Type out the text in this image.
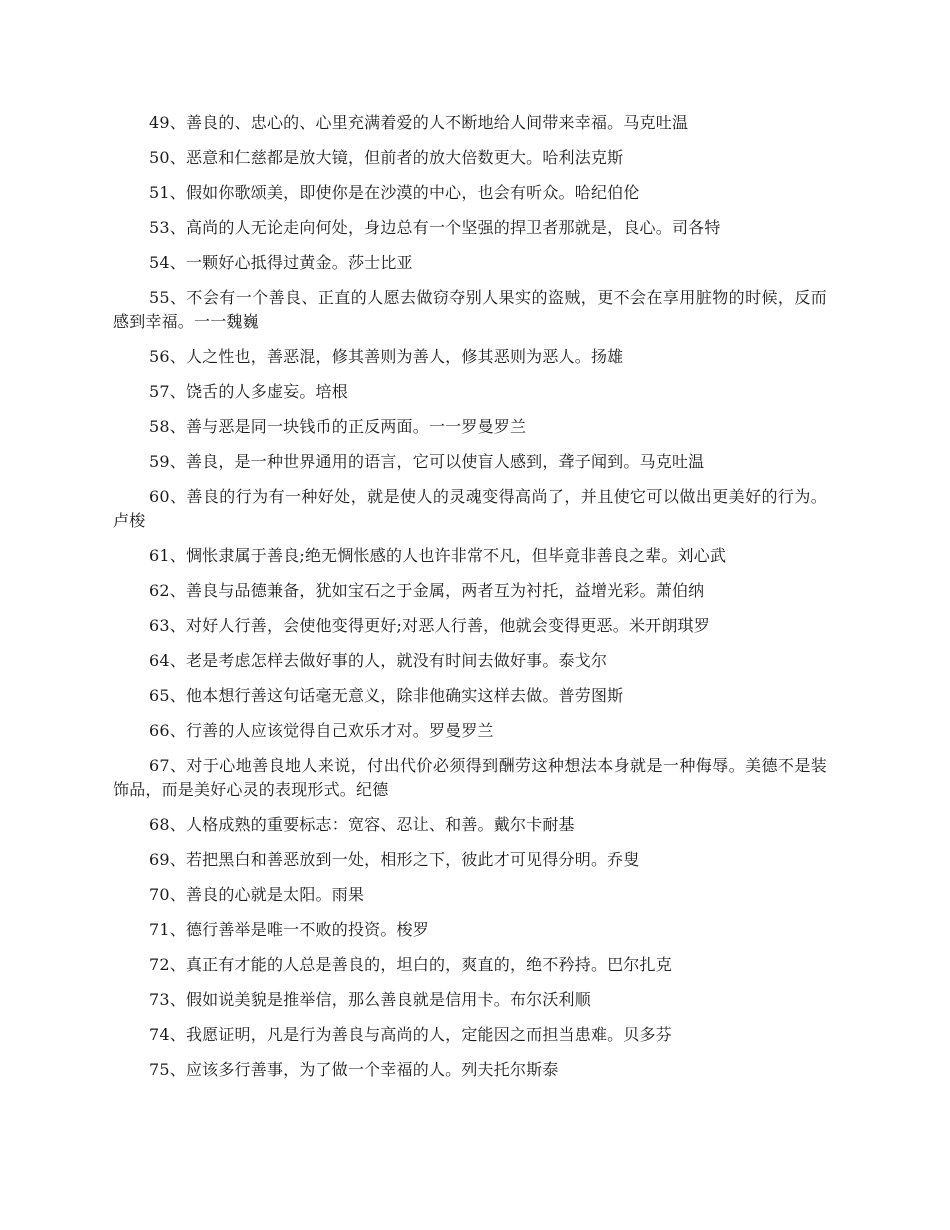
49、善良的、忠心的、心里充满着爱的人不断地给人间带来幸福。马克吐温

50、恶意和仁慈都是放大镜，但前者的放大倍数更大。哈利法克斯

51、假如你歌颂美，即使你是在沙漠的中心，也会有听众。哈纪伯伦

53、高尚的人无论走向何处，身边总有一个坚强的捍卫者那就是，良心。司各特

54、一颗好心抵得过黄金。莎士比亚

55、不会有一个善良、正直的人愿去做窃夺别人果实的盗贼，更不会在享用脏物的时候，反而感到幸福。一一魏巍

56、人之性也，善恶混，修其善则为善人，修其恶则为恶人。扬雄

57、饶舌的人多虚妄。培根

58、善与恶是同一块钱币的正反两面。一一罗曼罗兰

59、善良，是一种世界通用的语言，它可以使盲人感到，聋子闻到。马克吐温

60、善良的行为有一种好处，就是使人的灵魂变得高尚了，并且使它可以做出更美好的行为。卢梭

61、惆怅隶属于善良;绝无惆怅感的人也许非常不凡，但毕竟非善良之辈。刘心武

62、善良与品德兼备，犹如宝石之于金属，两者互为衬托，益增光彩。萧伯纳

63、对好人行善，会使他变得更好;对恶人行善，他就会变得更恶。米开朗琪罗

64、老是考虑怎样去做好事的人，就没有时间去做好事。泰戈尔

65、他本想行善这句话毫无意义，除非他确实这样去做。普劳图斯

66、行善的人应该觉得自己欢乐才对。罗曼罗兰

67、对于心地善良地人来说，付出代价必须得到酬劳这种想法本身就是一种侮辱。美德不是装饰品，而是美好心灵的表现形式。纪德

68、人格成熟的重要标志：宽容、忍让、和善。戴尔卡耐基

69、若把黑白和善恶放到一处，相形之下，彼此才可见得分明。乔叟

70、善良的心就是太阳。雨果

71、德行善举是唯一不败的投资。梭罗

72、真正有才能的人总是善良的，坦白的，爽直的，绝不矜持。巴尔扎克

73、假如说美貌是推举信，那么善良就是信用卡。布尔沃利顺

74、我愿证明，凡是行为善良与高尚的人，定能因之而担当患难。贝多芬

75、应该多行善事，为了做一个幸福的人。列夫托尔斯泰
